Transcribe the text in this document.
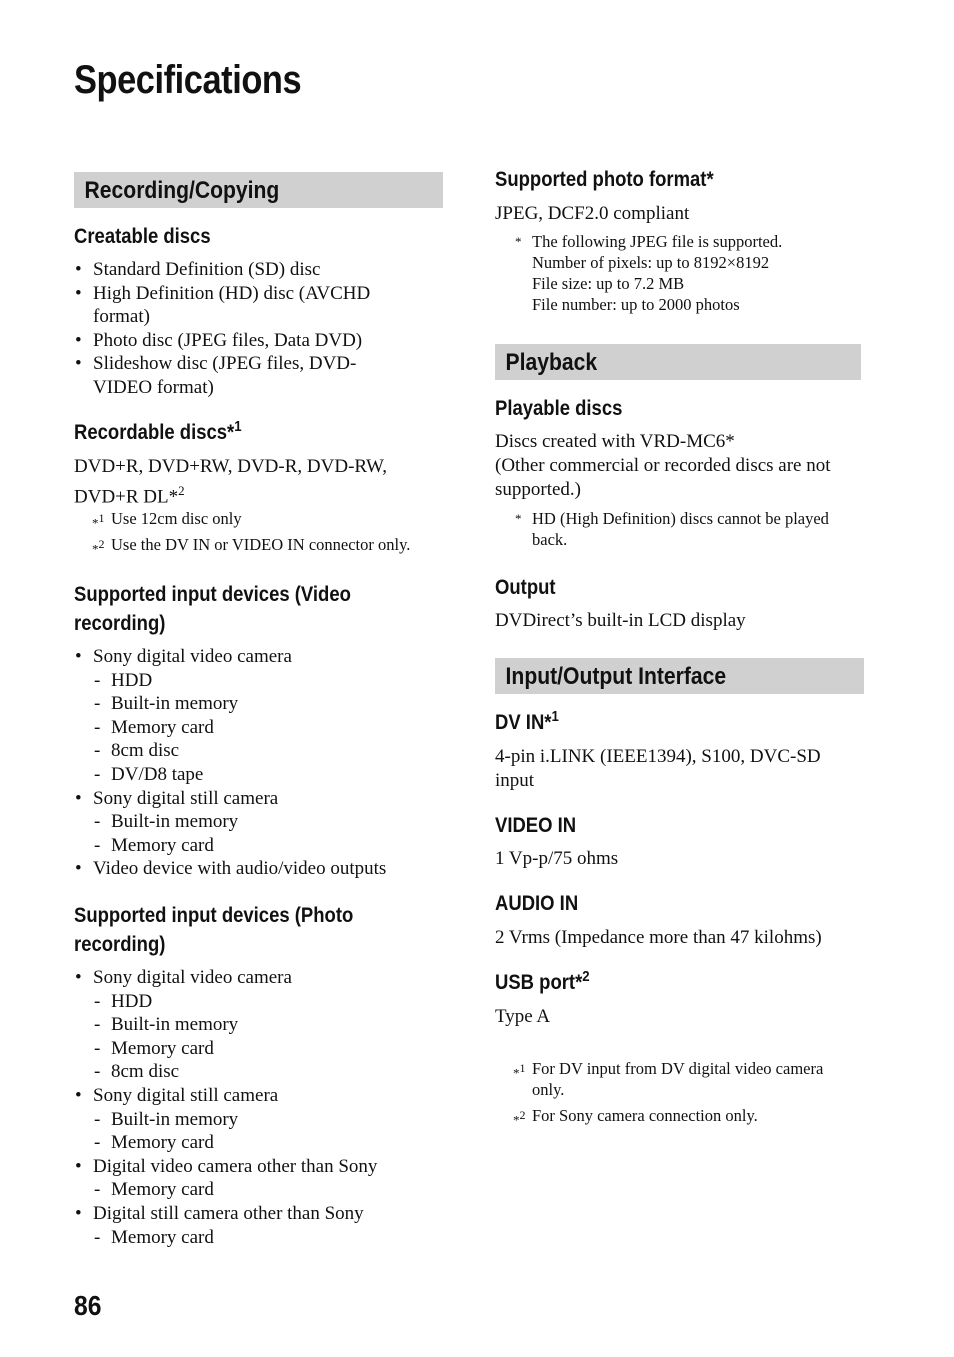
Specifications
Recording/Copying
Creatable discs
• Standard Definition (SD) disc
• High Definition (HD) disc (AVCHD
format)
• Photo disc (JPEG files, Data DVD)
• Slideshow disc (JPEG files, DVD-
VIDEO format)
Recordable discs*$^1$
DVD+R, DVD+RW, DVD-R, DVD-RW,
DVD+R DL*$^2$
*$^1$ Use 12cm disc only
*$^2$ Use the DV IN or VIDEO IN connector only.
Supported input devices (Video
recording)
• Sony digital video camera
- HDD
- Built-in memory
- Memory card
- 8cm disc
- DV/D8 tape
• Sony digital still camera
- Built-in memory
- Memory card
• Video device with audio/video outputs
Supported input devices (Photo
recording)
• Sony digital video camera
- HDD
- Built-in memory
- Memory card
- 8cm disc
• Sony digital still camera
- Built-in memory
- Memory card
• Digital video camera other than Sony
- Memory card
• Digital still camera other than Sony
- Memory card
Supported photo format*
JPEG, DCF2.0 compliant
* The following JPEG file is supported.
Number of pixels: up to 8192×8192
File size: up to 7.2 MB
File number: up to 2000 photos
Playback
Playable discs
Discs created with VRD-MC6*
(Other commercial or recorded discs are not
supported.)
* HD (High Definition) discs cannot be played
back.
Output
DVDirect’s built-in LCD display
Input/Output Interface
DV IN*$^1$
4-pin i.LINK (IEEE1394), S100, DVC-SD
input
VIDEO IN
1 Vp-p/75 ohms
AUDIO IN
2 Vrms (Impedance more than 47 kilohms)
USB port*$^2$
Type A
*$^1$ For DV input from DV digital video camera
only.
*$^2$ For Sony camera connection only.

86
